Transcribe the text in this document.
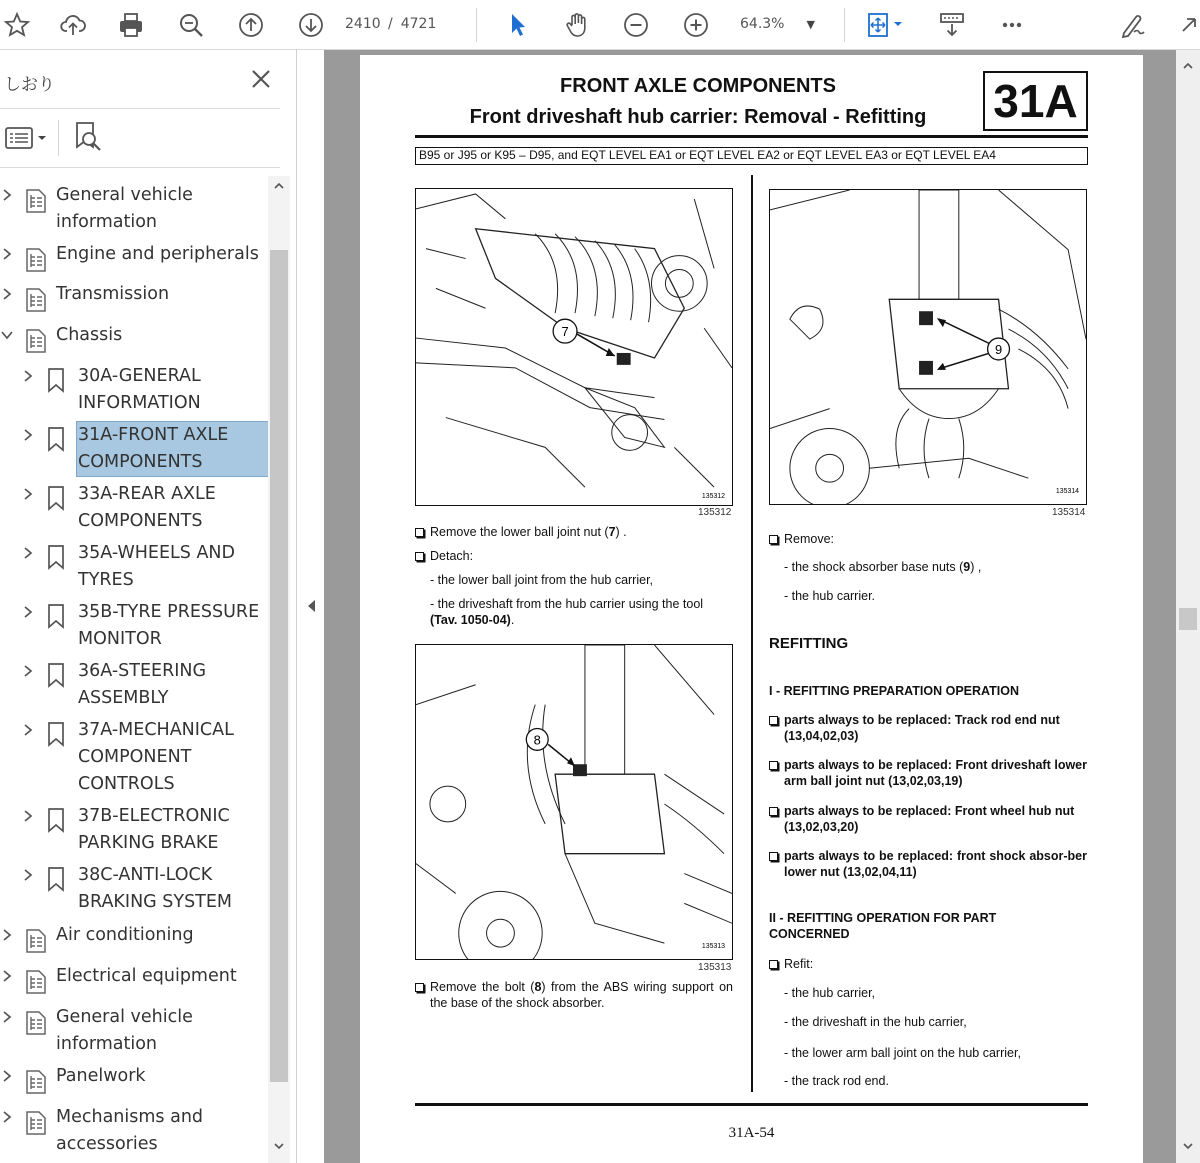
2410 / 4721	64.3% ▼
しおり
General vehicle information
Engine and peripherals
Transmission
Chassis
30A-GENERAL INFORMATION
31A-FRONT AXLE COMPONENTS
33A-REAR AXLE COMPONENTS
35A-WHEELS AND TYRES
35B-TYRE PRESSURE MONITOR
36A-STEERING ASSEMBLY
37A-MECHANICAL COMPONENT CONTROLS
37B-ELECTRONIC PARKING BRAKE
38C-ANTI-LOCK BRAKING SYSTEM
Air conditioning
Electrical equipment
General vehicle information
Panelwork
Mechanisms and accessories
FRONT AXLE COMPONENTS
Front driveshaft hub carrier: Removal - Refitting	31A
B95 or J95 or K95 – D95, and EQT LEVEL EA1 or EQT LEVEL EA2 or EQT LEVEL EA3 or EQT LEVEL EA4
7
135312
135312
9
135314
135314
8
135313
135313
Remove the lower ball joint nut (7) .
Detach:
- the lower ball joint from the hub carrier,
- the driveshaft from the hub carrier using the tool
(Tav. 1050-04).
Remove the bolt (8) from the ABS wiring support on the base of the shock absorber.
Remove:
- the shock absorber base nuts (9) ,
- the hub carrier.
REFITTING
I - REFITTING PREPARATION OPERATION
parts always to be replaced: Track rod end nut
(13,04,02,03)
parts always to be replaced: Front driveshaft lower arm ball joint nut (13,02,03,19)
parts always to be replaced: Front wheel hub nut
(13,02,03,20)
parts always to be replaced: front shock absor-ber lower nut (13,02,04,11)
II - REFITTING OPERATION FOR PART CONCERNED
Refit:
- the hub carrier,
- the driveshaft in the hub carrier,
- the lower arm ball joint on the hub carrier,
- the track rod end.
31A-54
